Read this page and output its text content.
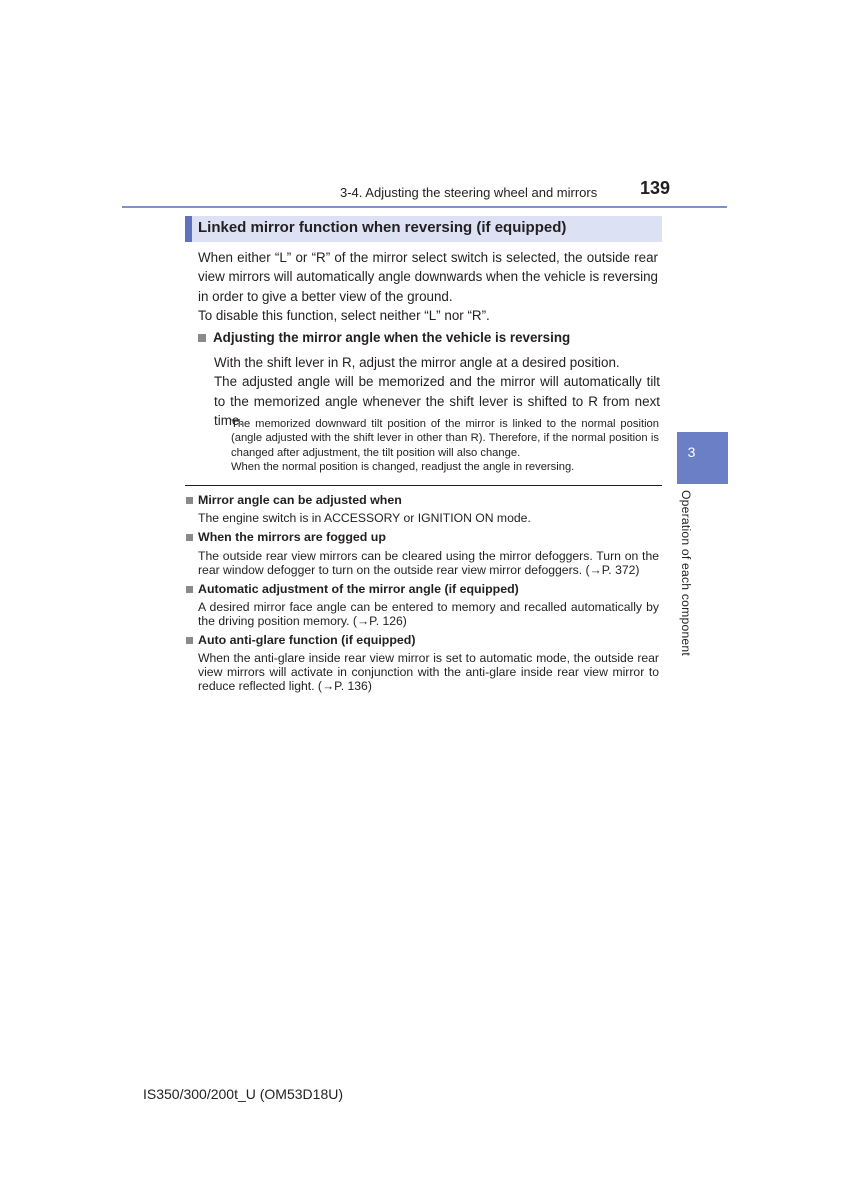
3-4. Adjusting the steering wheel and mirrors 139
Linked mirror function when reversing (if equipped)
When either “L” or “R” of the mirror select switch is selected, the outside rear view mirrors will automatically angle downwards when the vehicle is reversing in order to give a better view of the ground.
To disable this function, select neither “L” nor “R”.
Adjusting the mirror angle when the vehicle is reversing
With the shift lever in R, adjust the mirror angle at a desired position.
The adjusted angle will be memorized and the mirror will automatically tilt to the memorized angle whenever the shift lever is shifted to R from next time.
The memorized downward tilt position of the mirror is linked to the normal position (angle adjusted with the shift lever in other than R). Therefore, if the normal position is changed after adjustment, the tilt position will also change.
When the normal position is changed, readjust the angle in reversing.
Mirror angle can be adjusted when
The engine switch is in ACCESSORY or IGNITION ON mode.
When the mirrors are fogged up
The outside rear view mirrors can be cleared using the mirror defoggers. Turn on the rear window defogger to turn on the outside rear view mirror defoggers. (→P. 372)
Automatic adjustment of the mirror angle (if equipped)
A desired mirror face angle can be entered to memory and recalled automatically by the driving position memory. (→P. 126)
Auto anti-glare function (if equipped)
When the anti-glare inside rear view mirror is set to automatic mode, the outside rear view mirrors will activate in conjunction with the anti-glare inside rear view mirror to reduce reflected light. (→P. 136)
3
Operation of each component
IS350/300/200t_U (OM53D18U)
